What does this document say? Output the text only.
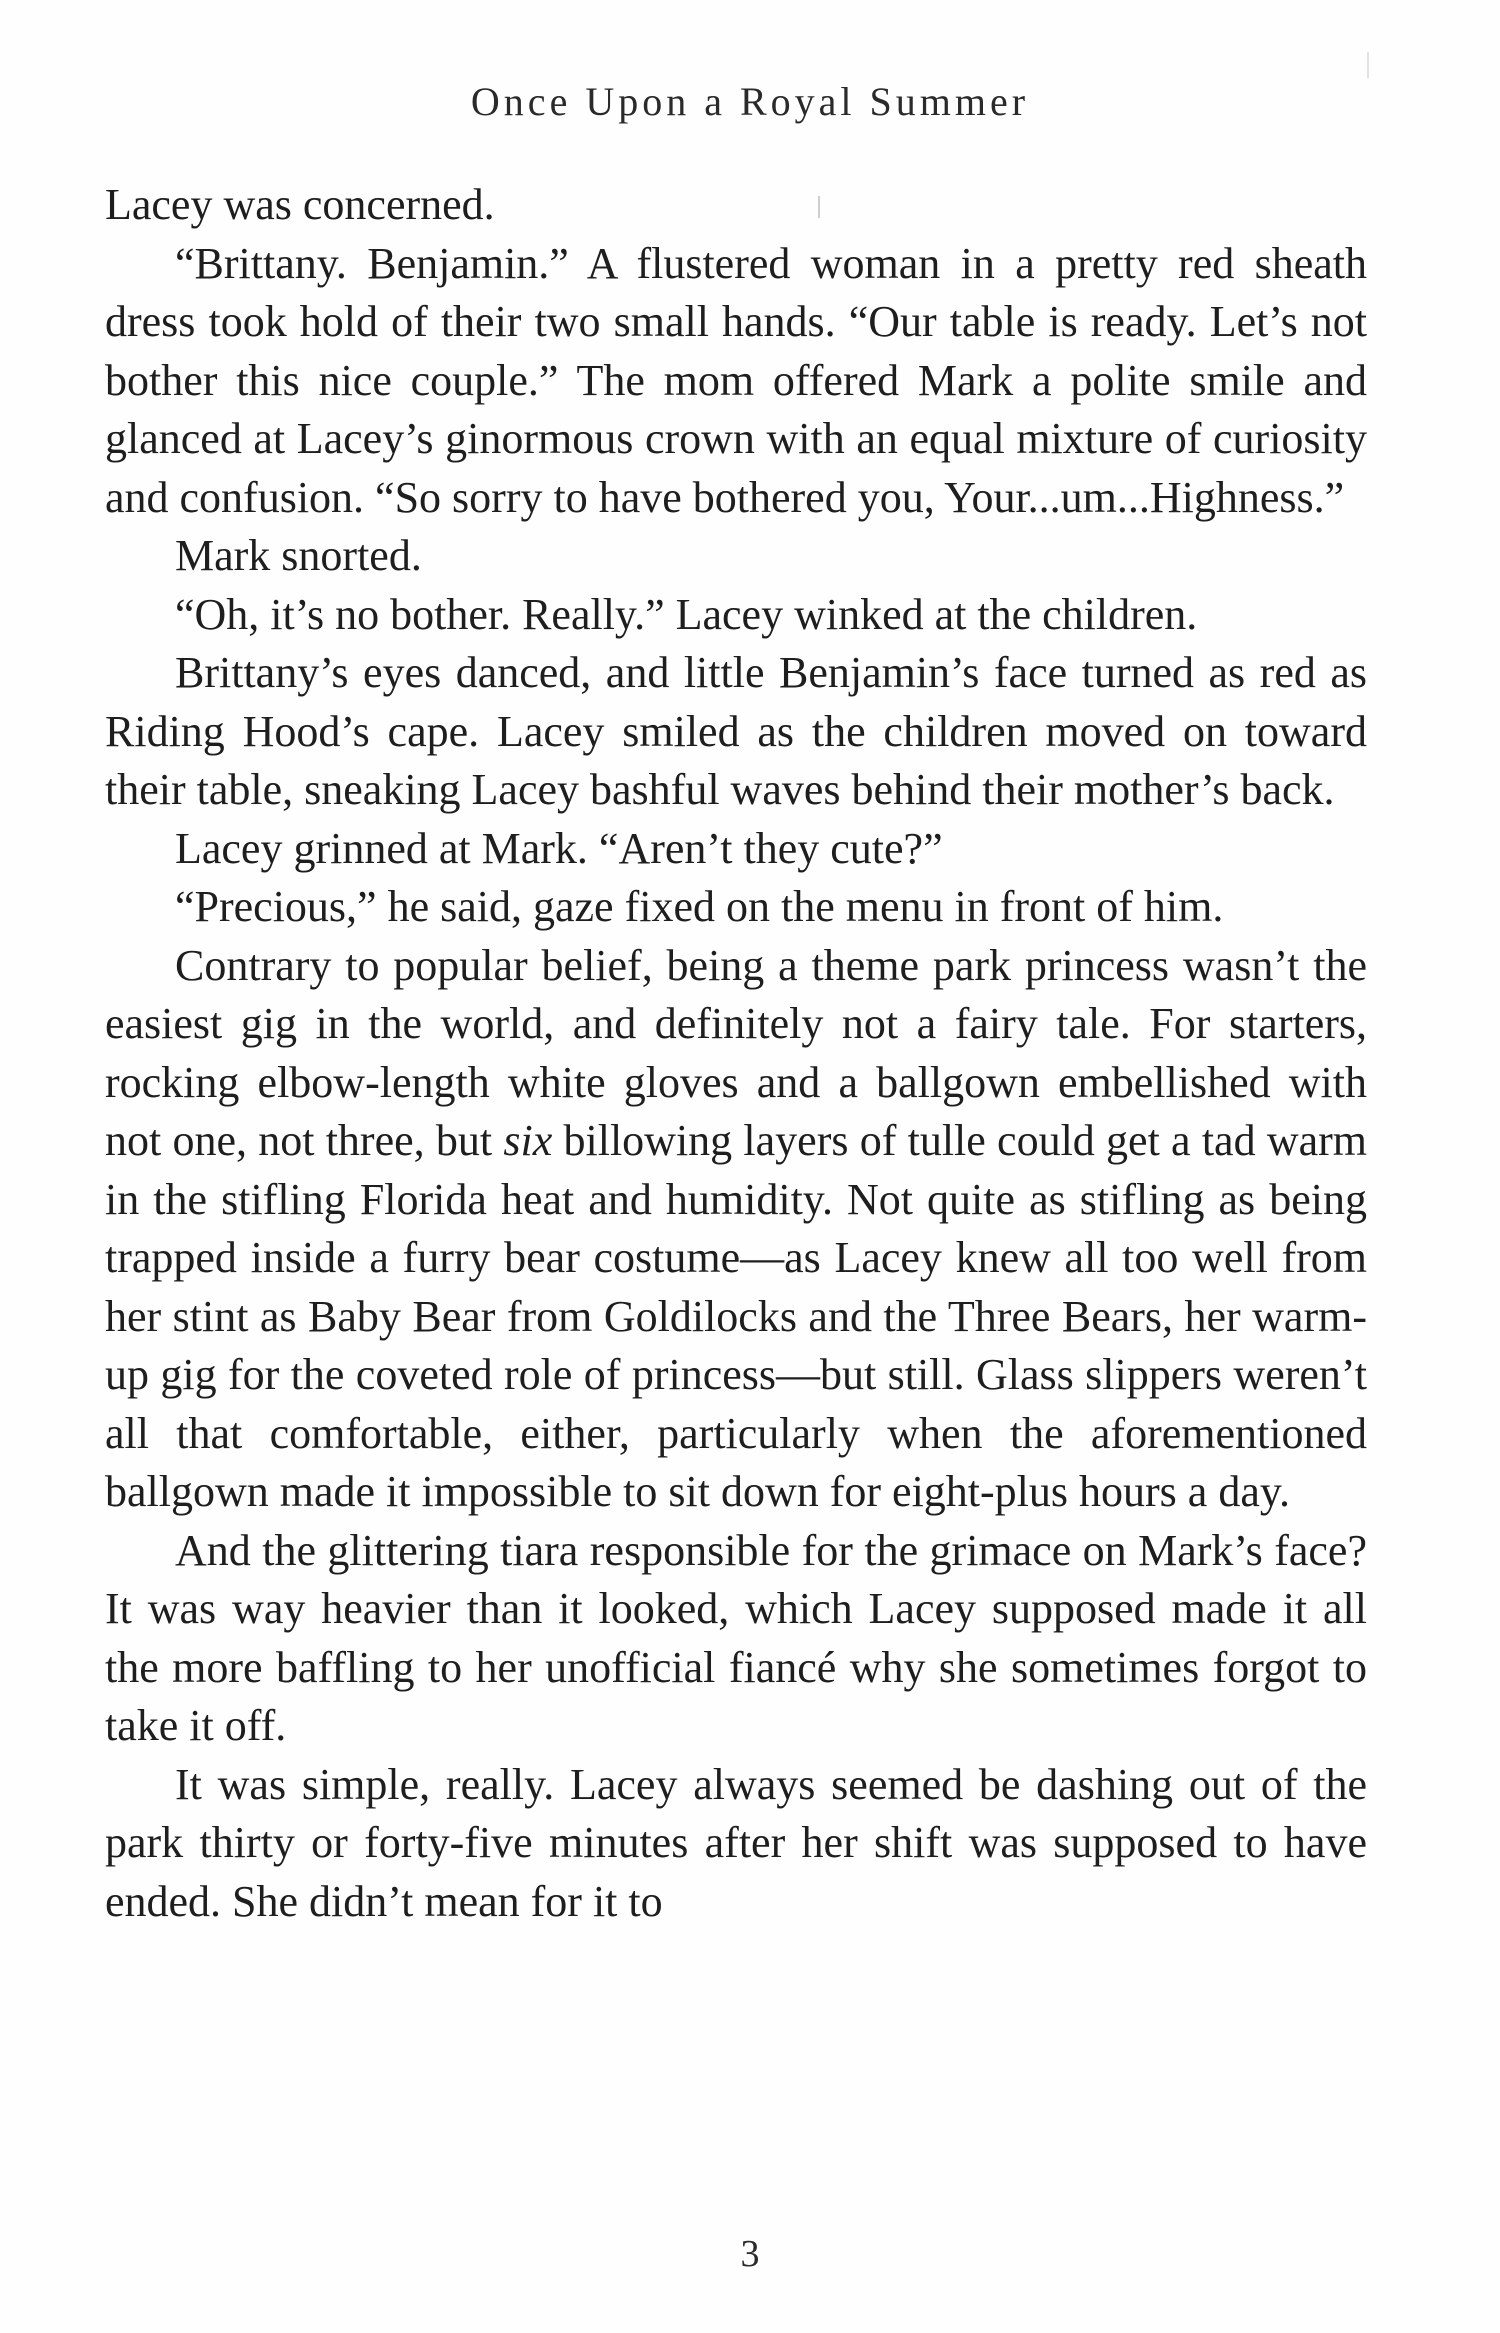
Once Upon a Royal Summer

Lacey was concerned.

“Brittany. Benjamin.” A flustered woman in a pretty red sheath dress took hold of their two small hands. “Our table is ready. Let’s not bother this nice couple.” The mom offered Mark a polite smile and glanced at Lacey’s ginormous crown with an equal mixture of curiosity and confusion. “So sorry to have bothered you, Your...um...Highness.”

Mark snorted.

“Oh, it’s no bother. Really.” Lacey winked at the children.

Brittany’s eyes danced, and little Benjamin’s face turned as red as Riding Hood’s cape. Lacey smiled as the children moved on toward their table, sneaking Lacey bashful waves behind their mother’s back.

Lacey grinned at Mark. “Aren’t they cute?”

“Precious,” he said, gaze fixed on the menu in front of him.

Contrary to popular belief, being a theme park princess wasn’t the easiest gig in the world, and definitely not a fairy tale. For starters, rocking elbow-length white gloves and a ballgown embellished with not one, not three, but six billowing layers of tulle could get a tad warm in the stifling Florida heat and humidity. Not quite as stifling as being trapped inside a furry bear costume—as Lacey knew all too well from her stint as Baby Bear from Goldilocks and the Three Bears, her warm-up gig for the coveted role of princess—but still. Glass slippers weren’t all that comfortable, either, particularly when the aforementioned ballgown made it impossible to sit down for eight-plus hours a day.

And the glittering tiara responsible for the grimace on Mark’s face? It was way heavier than it looked, which Lacey supposed made it all the more baffling to her unofficial fiancé why she sometimes forgot to take it off.

It was simple, really. Lacey always seemed be dashing out of the park thirty or forty-five minutes after her shift was supposed to have ended. She didn’t mean for it to

3
